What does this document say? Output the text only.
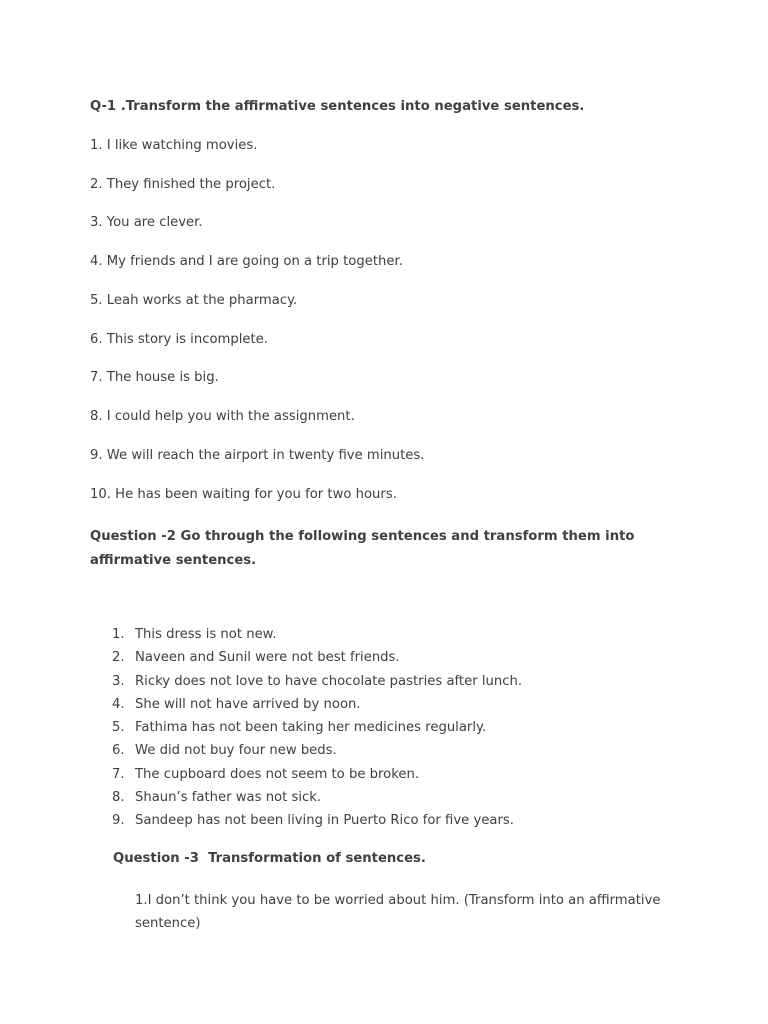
Q-1 .Transform the affirmative sentences into negative sentences.

1. I like watching movies.

2. They finished the project.

3. You are clever.

4. My friends and I are going on a trip together.

5. Leah works at the pharmacy.

6. This story is incomplete.

7. The house is big.

8. I could help you with the assignment.

9. We will reach the airport in twenty five minutes.

10. He has been waiting for you for two hours.

Question -2 Go through the following sentences and transform them into affirmative sentences.

1. This dress is not new.
2. Naveen and Sunil were not best friends.
3. Ricky does not love to have chocolate pastries after lunch.
4. She will not have arrived by noon.
5. Fathima has not been taking her medicines regularly.
6. We did not buy four new beds.
7. The cupboard does not seem to be broken.
8. Shaun’s father was not sick.
9. Sandeep has not been living in Puerto Rico for five years.

Question -3  Transformation of sentences.

1.I don’t think you have to be worried about him. (Transform into an affirmative sentence)
